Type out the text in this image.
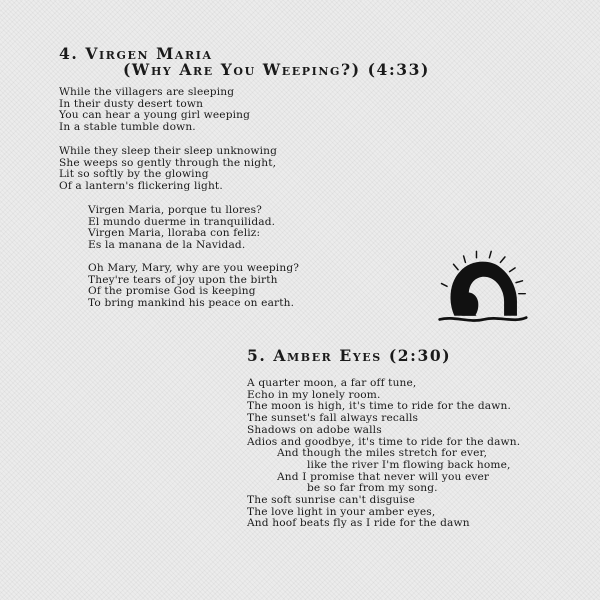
4. Virgen Maria
(Why Are You Weeping?) (4:33)
While the villagers are sleeping
In their dusty desert town
You can hear a young girl weeping
In a stable tumble down.
While they sleep their sleep unknowing
She weeps so gently through the night,
Lit so softly by the glowing
Of a lantern's flickering light.
Virgen Maria, porque tu llores?
El mundo duerme in tranquilidad.
Virgen Maria, lloraba con feliz:
Es la manana de la Navidad.
Oh Mary, Mary, why are you weeping?
They're tears of joy upon the birth
Of the promise God is keeping
To bring mankind his peace on earth.
5. Amber Eyes (2:30)
A quarter moon, a far off tune,
Echo in my lonely room.
The moon is high, it's time to ride for the dawn.
The sunset's fall always recalls
Shadows on adobe walls
Adios and goodbye, it's time to ride for the dawn.
And though the miles stretch for ever,
like the river I'm flowing back home,
And I promise that never will you ever
be so far from my song.
The soft sunrise can't disguise
The love light in your amber eyes,
And hoof beats fly as I ride for the dawn
